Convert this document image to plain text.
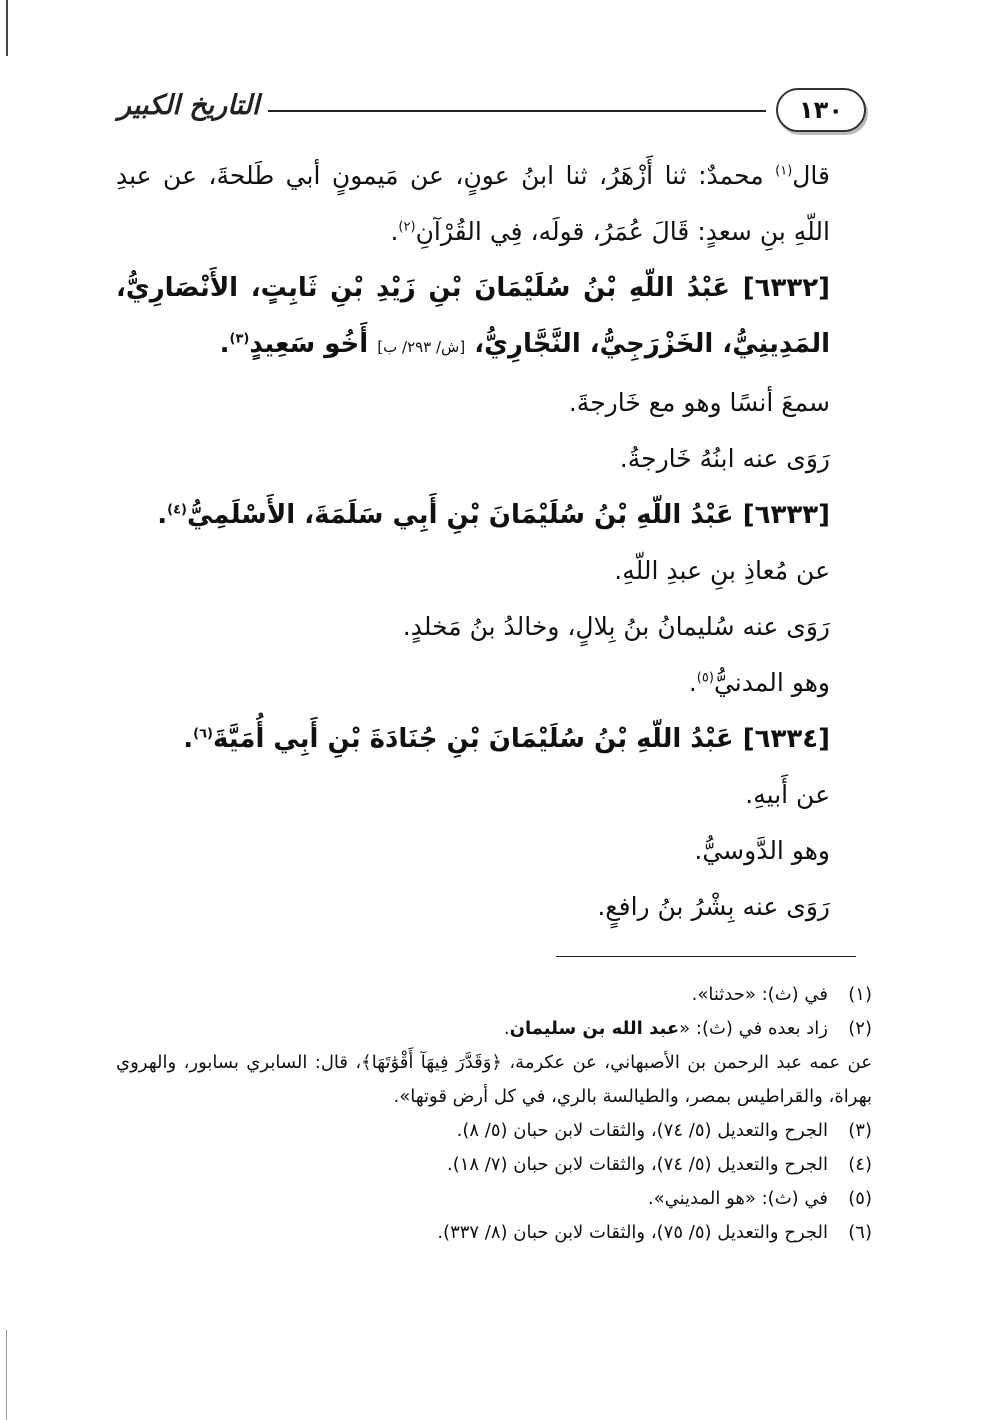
التاريخ الكبير	١٣٠

قال$^{(١)}$ محمدٌ: ثنا أَزْهَرُ، ثنا ابنُ عونٍ، عن مَيمونٍ أبي طَلحةَ، عن عبدِ اللّهِ بنِ سعدٍ: قَالَ عُمَرُ، قولَه، فِي القُرْآنِ$^{(٢)}$.

[٦٣٣٢] عَبْدُ اللّهِ بْنُ سُلَيْمَانَ بْنِ زَيْدِ بْنِ ثَابِتٍ، الأَنْصَارِيُّ، المَدِينِيُّ، الخَزْرَجِيُّ، النَّجَّارِيُّ، [ش/ ٢٩٣/ ب] أَخُو سَعِيدٍ$^{(٣)}$.

سمعَ أنسًا وهو مع خَارجةَ.

رَوَى عنه ابنُهُ خَارجةُ.

[٦٣٣٣] عَبْدُ اللّهِ بْنُ سُلَيْمَانَ بْنِ أَبِي سَلَمَةَ، الأَسْلَمِيُّ$^{(٤)}$.

عن مُعاذِ بنِ عبدِ اللّهِ.

رَوَى عنه سُليمانُ بنُ بِلالٍ، وخالدُ بنُ مَخلدٍ.

وهو المدنيُّ$^{(٥)}$.

[٦٣٣٤] عَبْدُ اللّهِ بْنُ سُلَيْمَانَ بْنِ جُنَادَةَ بْنِ أَبِي أُمَيَّةَ$^{(٦)}$.

عن أَبيهِ.

وهو الدَّوسيُّ.

رَوَى عنه بِشْرُ بنُ رافعٍ.

(١)
في (ث): «حدثنا».
(٢)
زاد بعده في (ث): «عبد الله بن سليمان.
عن عمه عبد الرحمن بن الأصبهاني، عن عكرمة، ﴿وَقَدَّرَ فِيهَآ أَقْوَٰتَهَا﴾، قال: السابري بسابور، والهروي بهراة، والقراطيس بمصر، والطيالسة بالري، في كل أرض قوتها».
(٣)
الجرح والتعديل (٥/ ٧٤)، والثقات لابن حبان (٥/ ٨).
(٤)
الجرح والتعديل (٥/ ٧٤)، والثقات لابن حبان (٧/ ١٨).
(٥)
في (ث): «هو المديني».
(٦)
الجرح والتعديل (٥/ ٧٥)، والثقات لابن حبان (٨/ ٣٣٧).
